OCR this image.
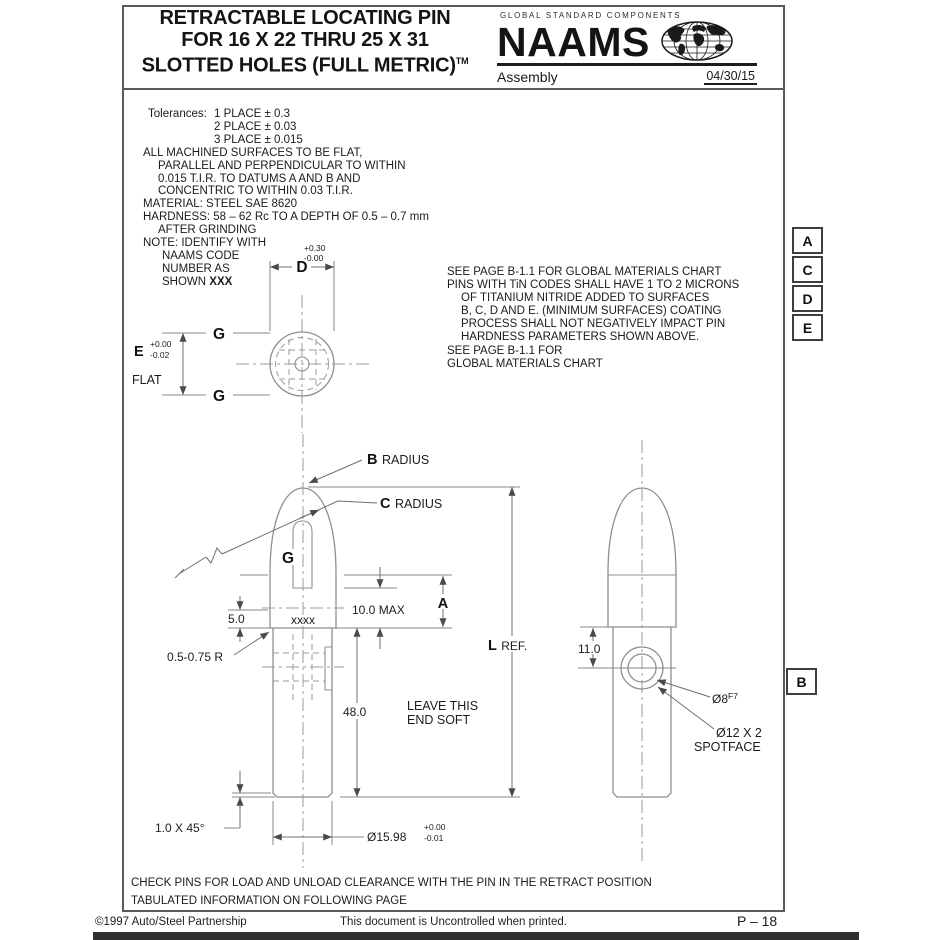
RETRACTABLE LOCATING PIN
FOR 16 X 22 THRU 25 X 31
SLOTTED HOLES (FULL METRIC)™
GLOBAL STANDARD COMPONENTS
NAAMS
Assembly	04/30/15
D
+0.30
-0.00
G
G
E +0.00
-0.02
FLAT
G
xxxx
B RADIUS
C RADIUS
5.0
0.5-0.75 R
10.0 MAX A
48.0
L REF.
LEAVE THIS
END SOFT
1.0 X 45°
Ø15.98
+0.00
-0.01
11.0
$Ø8^{F7}$
Ø12 X 2
SPOTFACE
Tolerances: 1 PLACE ± 0.3
2 PLACE ± 0.03
3 PLACE ± 0.015
ALL MACHINED SURFACES TO BE FLAT,
PARALLEL AND PERPENDICULAR TO WITHIN
0.015 T.I.R. TO DATUMS A AND B AND
CONCENTRIC TO WITHIN 0.03 T.I.R.
MATERIAL: STEEL SAE 8620
HARDNESS: 58 – 62 Rc TO A DEPTH OF 0.5 – 0.7 mm
AFTER GRINDING
NOTE: IDENTIFY WITH
NAAMS CODE
NUMBER AS
SHOWN XXX
SEE PAGE B-1.1 FOR GLOBAL MATERIALS CHART
PINS WITH TiN CODES SHALL HAVE 1 TO 2 MICRONS
OF TITANIUM NITRIDE ADDED TO SURFACES
B, C, D AND E. (MINIMUM SURFACES) COATING
PROCESS SHALL NOT NEGATIVELY IMPACT PIN
HARDNESS PARAMETERS SHOWN ABOVE.
SEE PAGE B-1.1 FOR
GLOBAL MATERIALS CHART
A
C
D
E
B
CHECK PINS FOR LOAD AND UNLOAD CLEARANCE WITH THE PIN IN THE RETRACT POSITION
TABULATED INFORMATION ON FOLLOWING PAGE
©1997 Auto/Steel Partnership	This document is Uncontrolled when printed.	P – 18
